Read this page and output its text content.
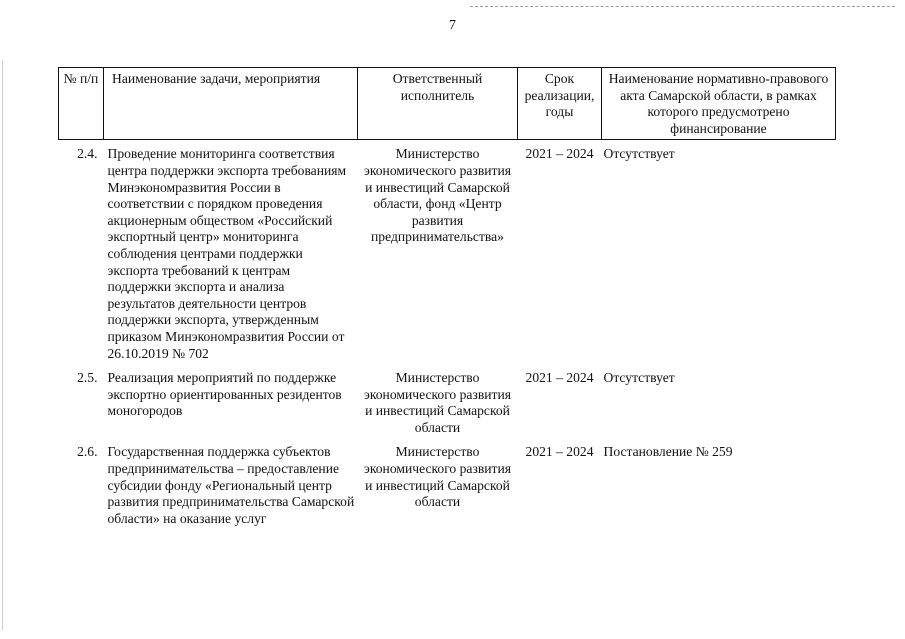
7
№ п/п	Наименование задачи, мероприятия	Ответственный исполнитель	Срок реализации, годы	Наименование нормативно-правового акта Самарской области, в рамках которого предусмотрено финансирование
2.4.	Проведение мониторинга соответствия центра поддержки экспорта требованиям Минэкономразвития России в соответствии с порядком проведения акционерным обществом «Российский экспортный центр» мониторинга соблюдения центрами поддержки экспорта требований к центрам поддержки экспорта и анализа результатов деятельности центров поддержки экспорта, утвержденным приказом Минэкономразвития России от 26.10.2019 № 702	Министерство экономического развития и инвестиций Самарской области, фонд «Центр развития предпринимательства»	2021 – 2024	Отсутствует
2.5.	Реализация мероприятий по поддержке экспортно ориентированных резидентов моногородов	Министерство экономического развития и инвестиций Самарской области	2021 – 2024	Отсутствует
2.6.	Государственная поддержка субъектов предпринимательства – предоставление субсидии фонду «Региональный центр развития предпринимательства Самарской области» на оказание услуг	Министерство экономического развития и инвестиций Самарской области	2021 – 2024	Постановление № 259
